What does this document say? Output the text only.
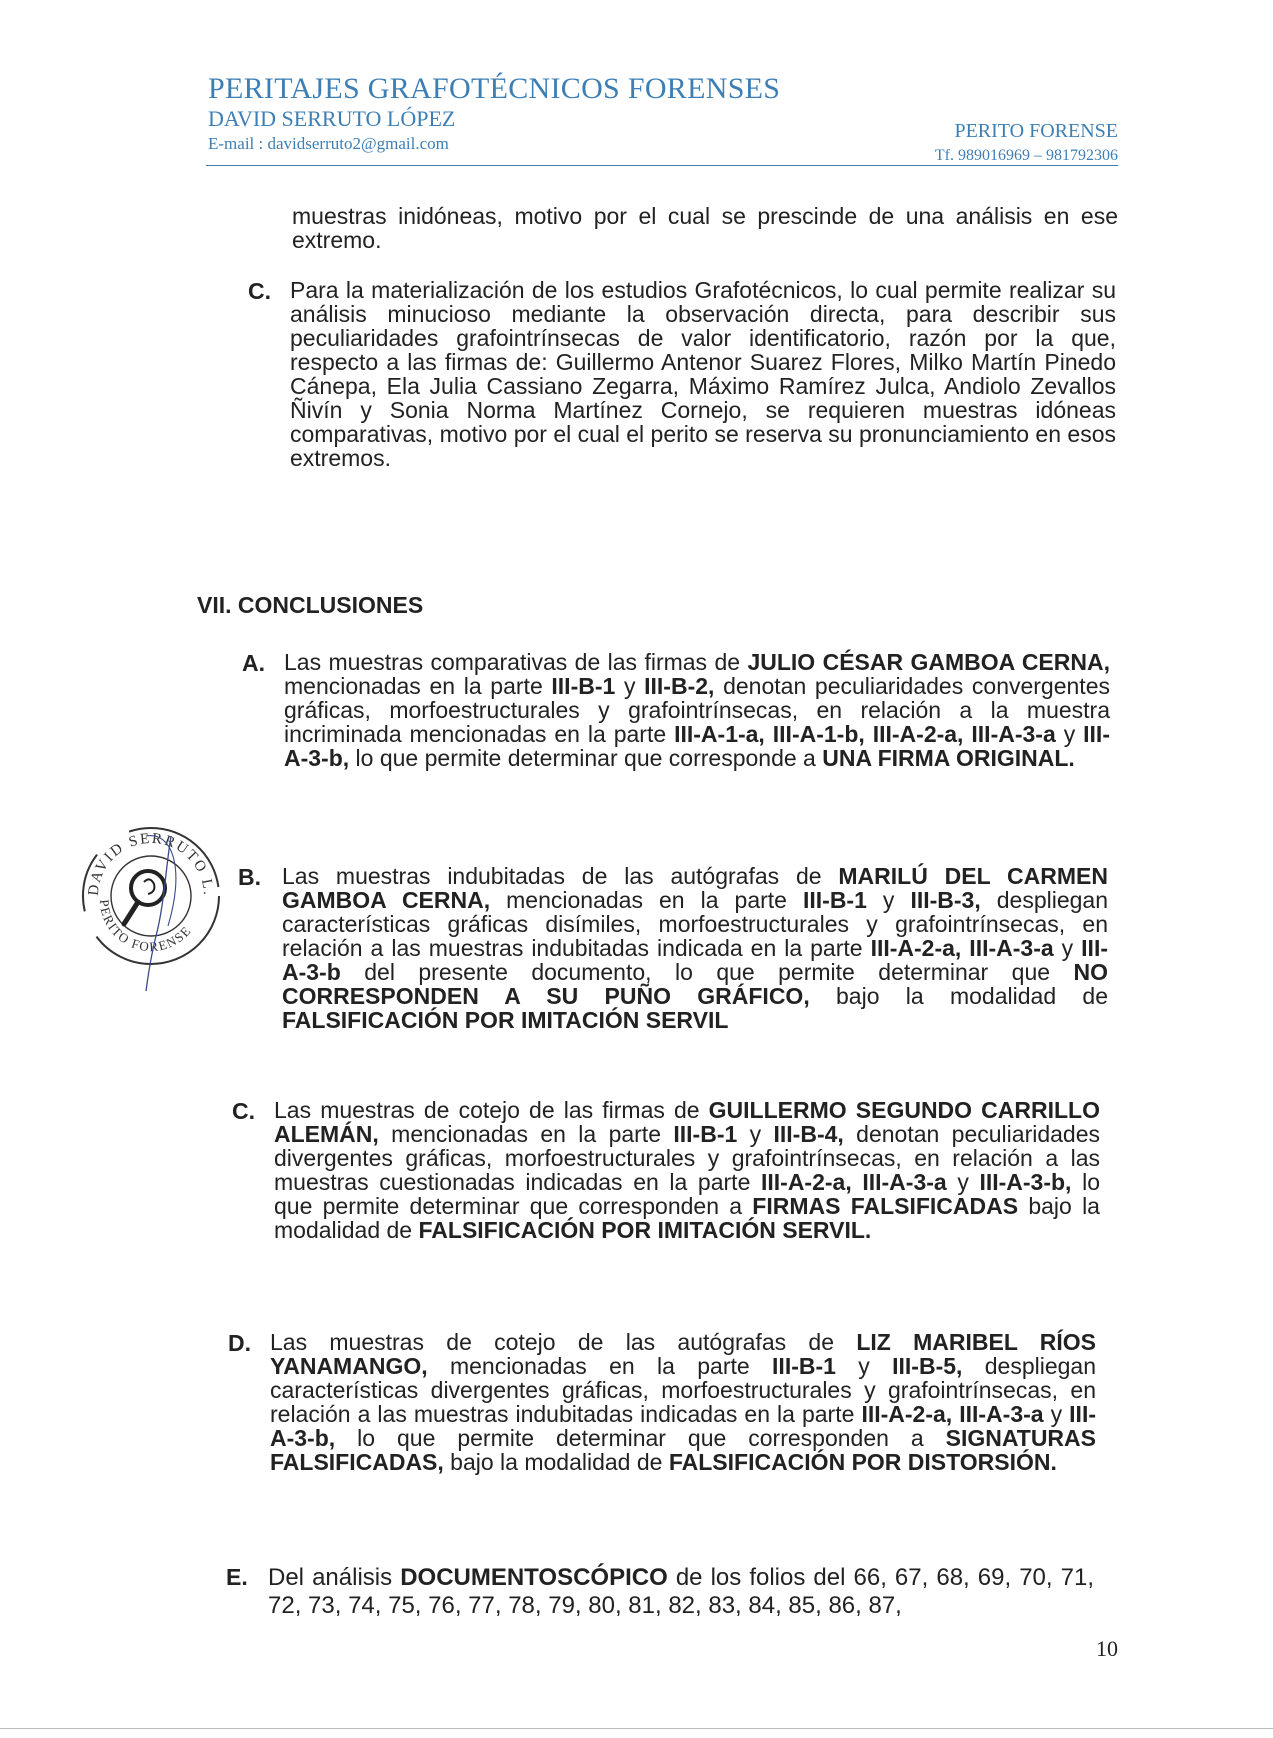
PERITAJES GRAFOTÉCNICOS FORENSES
DAVID SERRUTO LÓPEZ
E-mail : davidserruto2@gmail.com
PERITO FORENSE
Tf. 989016969 – 981792306
muestras inidóneas, motivo por el cual se prescinde de una análisis en ese extremo.
C. Para la materialización de los estudios Grafotécnicos, lo cual permite realizar su análisis minucioso mediante la observación directa, para describir sus peculiaridades grafointrínsecas de valor identificatorio, razón por la que, respecto a las firmas de: Guillermo Antenor Suarez Flores, Milko Martín Pinedo Cánepa, Ela Julia Cassiano Zegarra, Máximo Ramírez Julca, Andiolo Zevallos Ñivín y Sonia Norma Martínez Cornejo, se requieren muestras idóneas comparativas, motivo por el cual el perito se reserva su pronunciamiento en esos extremos.
VII. CONCLUSIONES
A. Las muestras comparativas de las firmas de JULIO CÉSAR GAMBOA CERNA, mencionadas en la parte III-B-1 y III-B-2, denotan peculiaridades convergentes gráficas, morfoestructurales y grafointrínsecas, en relación a la muestra incriminada mencionadas en la parte III-A-1-a, III-A-1-b, III-A-2-a, III-A-3-a y III-A-3-b, lo que permite determinar que corresponde a UNA FIRMA ORIGINAL.
DAVID SERRUTO L.
PERITO FORENSE
B. Las muestras indubitadas de las autógrafas de MARILÚ DEL CARMEN GAMBOA CERNA, mencionadas en la parte III-B-1 y III-B-3, despliegan características gráficas disímiles, morfoestructurales y grafointrínsecas, en relación a las muestras indubitadas indicada en la parte III-A-2-a, III-A-3-a y III-A-3-b del presente documento, lo que permite determinar que NO CORRESPONDEN A SU PUÑO GRÁFICO, bajo la modalidad de FALSIFICACIÓN POR IMITACIÓN SERVIL
C. Las muestras de cotejo de las firmas de GUILLERMO SEGUNDO CARRILLO ALEMÁN, mencionadas en la parte III-B-1 y III-B-4, denotan peculiaridades divergentes gráficas, morfoestructurales y grafointrínsecas, en relación a las muestras cuestionadas indicadas en la parte III-A-2-a, III-A-3-a y III-A-3-b, lo que permite determinar que corresponden a FIRMAS FALSIFICADAS bajo la modalidad de FALSIFICACIÓN POR IMITACIÓN SERVIL.
D. Las muestras de cotejo de las autógrafas de LIZ MARIBEL RÍOS YANAMANGO, mencionadas en la parte III-B-1 y III-B-5, despliegan características divergentes gráficas, morfoestructurales y grafointrínsecas, en relación a las muestras indubitadas indicadas en la parte III-A-2-a, III-A-3-a y III-A-3-b, lo que permite determinar que corresponden a SIGNATURAS FALSIFICADAS, bajo la modalidad de FALSIFICACIÓN POR DISTORSIÓN.
E. Del análisis DOCUMENTOSCÓPICO de los folios del 66, 67, 68, 69, 70, 71, 72, 73, 74, 75, 76, 77, 78, 79, 80, 81, 82, 83, 84, 85, 86, 87,
10
